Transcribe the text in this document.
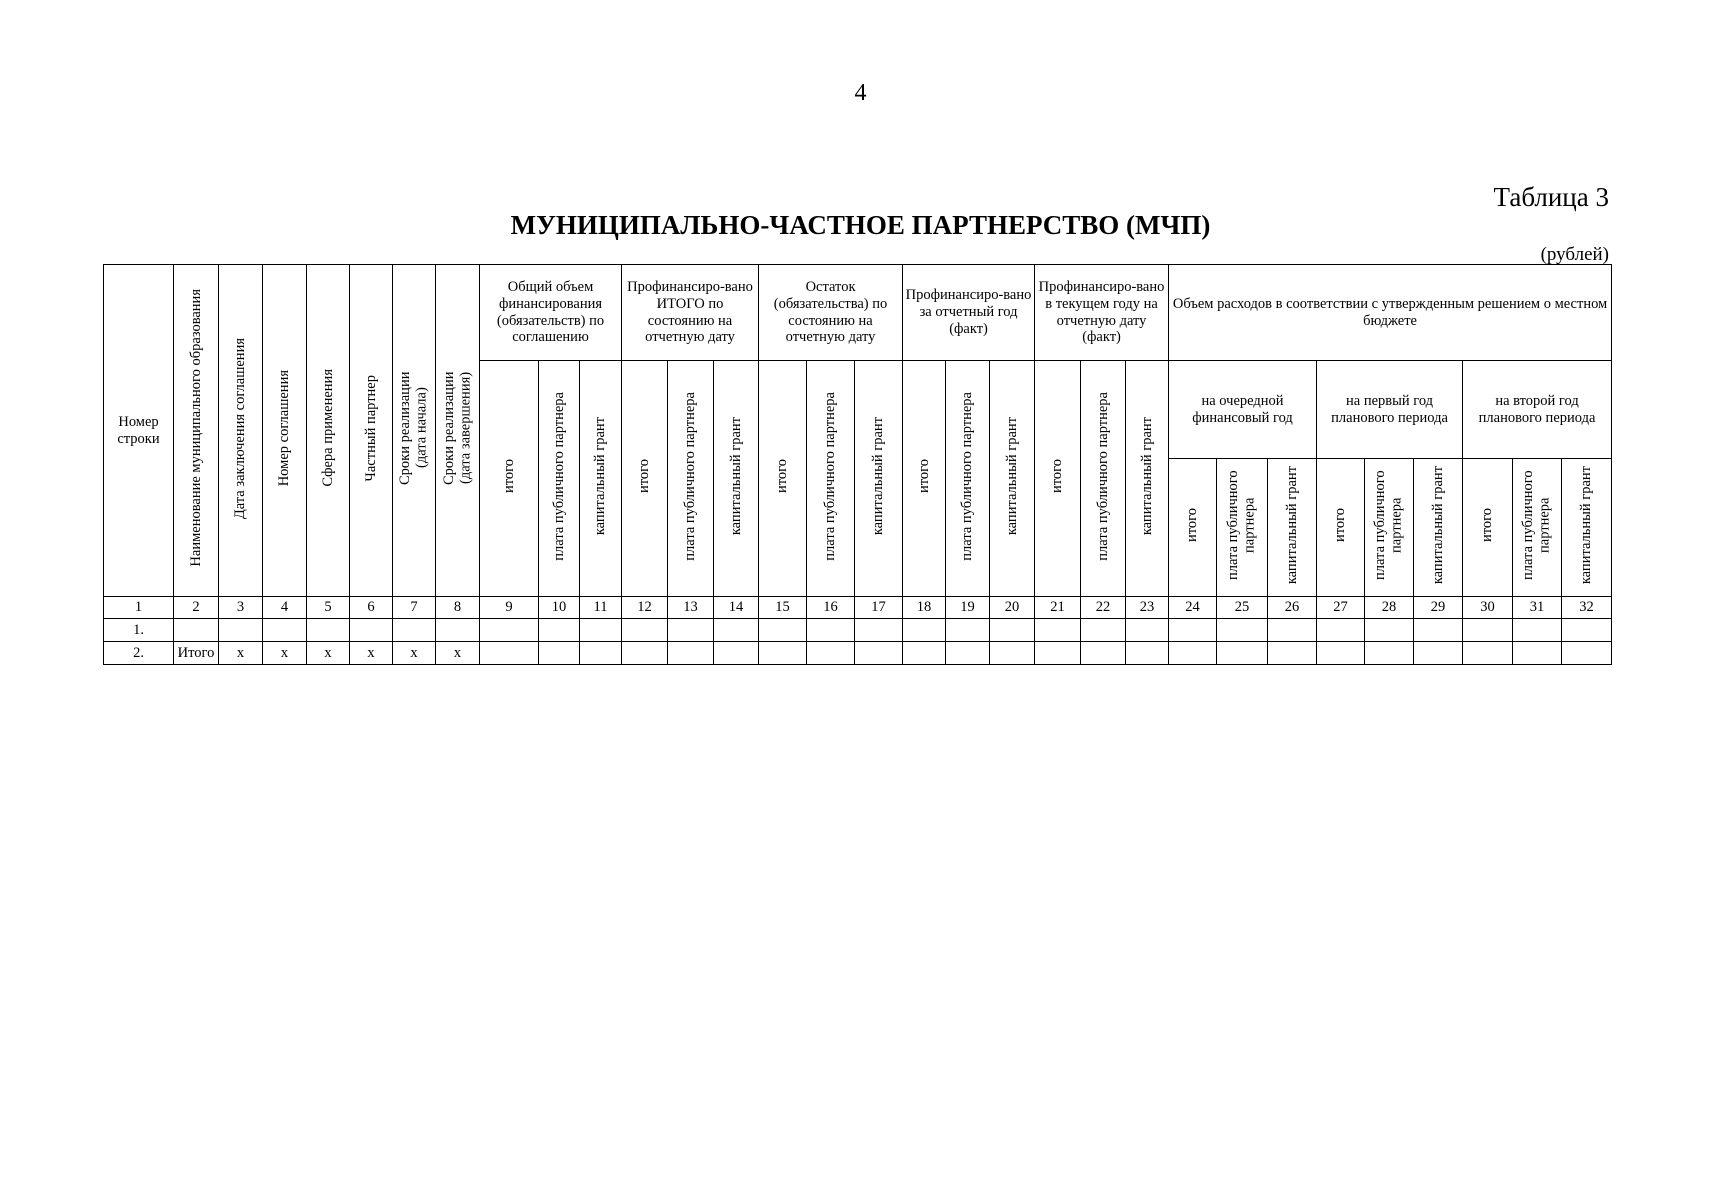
4
Таблица 3
МУНИЦИПАЛЬНО-ЧАСТНОЕ ПАРТНЕРСТВО (МЧП)
(рублей)
Номер строки	Наименование муниципального образования	Дата заключения соглашения	Номер соглашения	Сфера применения	Частный партнер	Сроки реализации (дата начала)	Сроки реализации (дата завершения)	Общий объем финансирования (обязательств) по соглашению			Профинансиро-вано ИТОГО по состоянию на отчетную дату			Остаток (обязательства) по состоянию на отчетную дату			Профинансиро-вано за отчетный год (факт)			Профинансиро-вано в текущем году на отчетную дату (факт)			Объем расходов в соответствии с утвержденным решением о местном бюджете								
								итого	плата публичного партнера	капитальный грант	итого	плата публичного партнера	капитальный грант	итого	плата публичного партнера	капитальный грант	итого	плата публичного партнера	капитальный грант	итого	плата публичного партнера	капитальный грант	на очередной финансовый год			на первый год планового периода			на второй год планового периода		
																							итого	плата публичного партнера	капитальный грант	итого	плата публичного партнера	капитальный грант	итого	плата публичного партнера	капитальный грант
1	2	3	4	5	6	7	8	9	10	11	12	13	14	15	16	17	18	19	20	21	22	23	24	25	26	27	28	29	30	31	32
1.																															
2.	Итого	x	x	x	x	x	x																								
